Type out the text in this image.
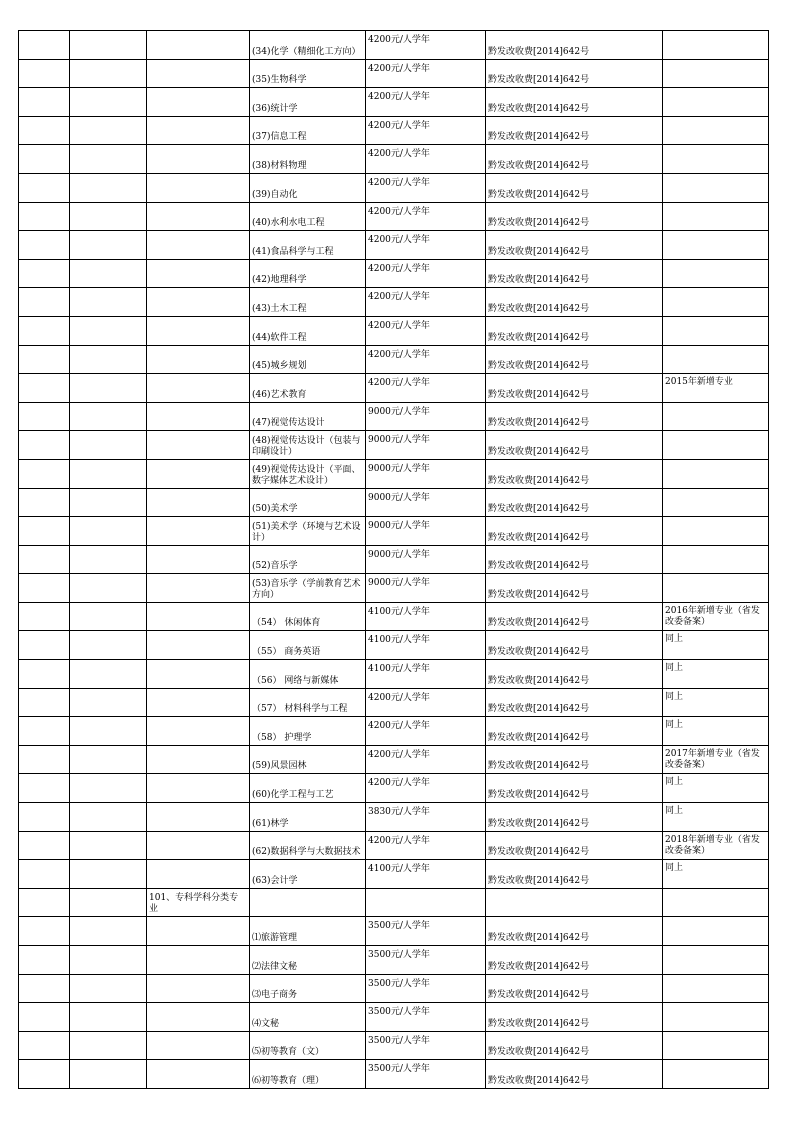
			(34)化学（精细化工方向）	4200元/人学年	黔发改收费[2014]642号	

			(35)生物科学	4200元/人学年	黔发改收费[2014]642号	

			(36)统计学	4200元/人学年	黔发改收费[2014]642号	

			(37)信息工程	4200元/人学年	黔发改收费[2014]642号	

			(38)材料物理	4200元/人学年	黔发改收费[2014]642号	

			(39)自动化	4200元/人学年	黔发改收费[2014]642号	

			(40)水利水电工程	4200元/人学年	黔发改收费[2014]642号	

			(41)食品科学与工程	4200元/人学年	黔发改收费[2014]642号	

			(42)地理科学	4200元/人学年	黔发改收费[2014]642号	

			(43)土木工程	4200元/人学年	黔发改收费[2014]642号	

			(44)软件工程	4200元/人学年	黔发改收费[2014]642号	

			(45)城乡规划	4200元/人学年	黔发改收费[2014]642号	

			(46)艺术教育	4200元/人学年	黔发改收费[2014]642号	2015年新增专业

			(47)视觉传达设计	9000元/人学年	黔发改收费[2014]642号	

			(48)视觉传达设计（包装与印刷设计）	9000元/人学年	黔发改收费[2014]642号	

			(49)视觉传达设计（平面、数字媒体艺术设计）	9000元/人学年	黔发改收费[2014]642号	

			(50)美术学	9000元/人学年	黔发改收费[2014]642号	

			(51)美术学（环境与艺术设计）	9000元/人学年	黔发改收费[2014]642号	

			(52)音乐学	9000元/人学年	黔发改收费[2014]642号	

			(53)音乐学（学前教育艺术方向）	9000元/人学年	黔发改收费[2014]642号	

			（54） 休闲体育	4100元/人学年	黔发改收费[2014]642号	2016年新增专业（省发改委备案）

			（55） 商务英语	4100元/人学年	黔发改收费[2014]642号	同上

			（56） 网络与新媒体	4100元/人学年	黔发改收费[2014]642号	同上

			（57） 材料科学与工程	4200元/人学年	黔发改收费[2014]642号	同上

			（58） 护理学	4200元/人学年	黔发改收费[2014]642号	同上

			(59)风景园林	4200元/人学年	黔发改收费[2014]642号	2017年新增专业（省发改委备案）

			(60)化学工程与工艺	4200元/人学年	黔发改收费[2014]642号	同上

			(61)林学	3830元/人学年	黔发改收费[2014]642号	同上

			(62)数据科学与大数据技术	4200元/人学年	黔发改收费[2014]642号	2018年新增专业（省发改委备案）

			(63)会计学	4100元/人学年	黔发改收费[2014]642号	同上

		101、专科学科分类专业				

			⑴旅游管理	3500元/人学年	黔发改收费[2014]642号	

			⑵法律文秘	3500元/人学年	黔发改收费[2014]642号	

			⑶电子商务	3500元/人学年	黔发改收费[2014]642号	

			⑷文秘	3500元/人学年	黔发改收费[2014]642号	

			⑸初等教育（文）	3500元/人学年	黔发改收费[2014]642号	

			⑹初等教育（理）	3500元/人学年	黔发改收费[2014]642号	
